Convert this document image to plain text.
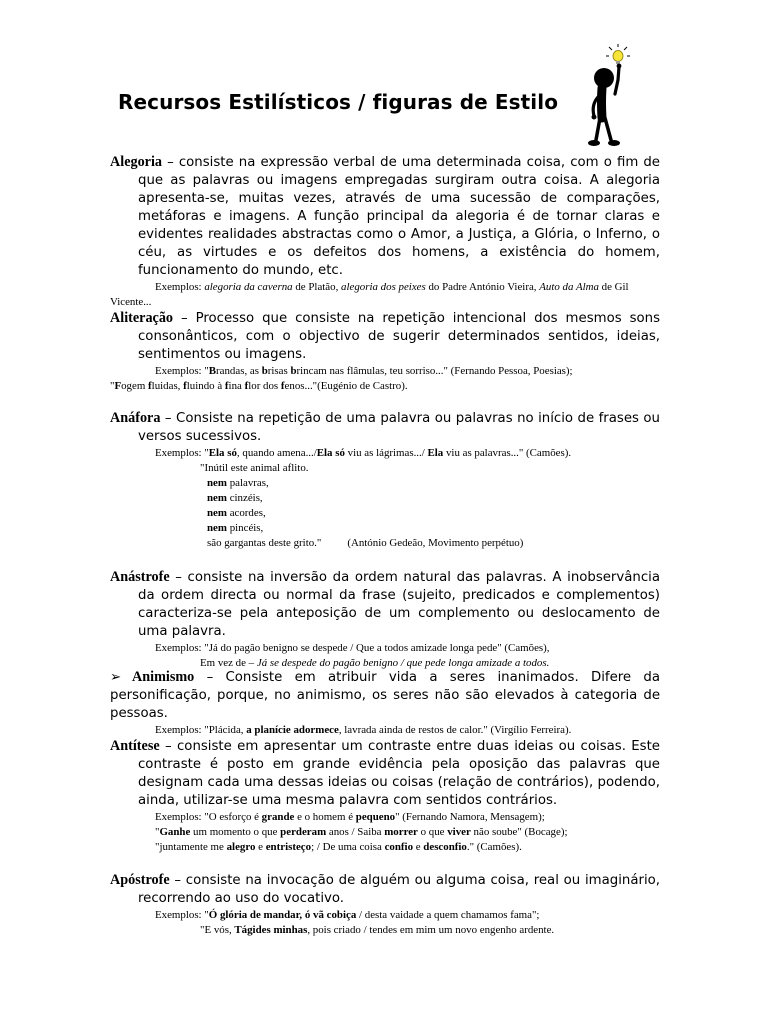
Recursos Estilísticos / figuras de Estilo
Alegoria – consiste na expressão verbal de uma determinada coisa, com o fim de que as palavras ou imagens empregadas surgiram outra coisa. A alegoria apresenta-se, muitas vezes, através de uma sucessão de comparações, metáforas e imagens. A função principal da alegoria é de tornar claras e evidentes realidades abstractas como o Amor, a Justiça, a Glória, o Inferno, o céu, as virtudes e os defeitos dos homens, a existência do homem, funcionamento do mundo, etc.
Exemplos: alegoria da caverna de Platão, alegoria dos peixes do Padre António Vieira, Auto da Alma de Gil Vicente...
Aliteração – Processo que consiste na repetição intencional dos mesmos sons consonânticos, com o objectivo de sugerir determinados sentidos, ideias, sentimentos ou imagens.
Exemplos: "Brandas, as brisas brincam nas flâmulas, teu sorriso..." (Fernando Pessoa, Poesias);
"Fogem fluidas, fluindo à fina flor dos fenos..."(Eugénio de Castro).
Anáfora – Consiste na repetição de uma palavra ou palavras no início de frases ou versos sucessivos.
Exemplos: "Ela só, quando amena.../Ela só viu as lágrimas.../ Ela viu as palavras..." (Camões).
"Inútil este animal aflito.
nem palavras,
nem cinzéis,
nem acordes,
nem pincéis,
são gargantas deste grito." (António Gedeão, Movimento perpétuo)
Anástrofe – consiste na inversão da ordem natural das palavras. A inobservância da ordem directa ou normal da frase (sujeito, predicados e complementos) caracteriza-se pela anteposição de um complemento ou deslocamento de uma palavra.
Exemplos: "Já do pagão benigno se despede / Que a todos amizade longa pede" (Camões),
Em vez de – Já se despede do pagão benigno / que pede longa amizade a todos.
➢ Animismo – Consiste em atribuir vida a seres inanimados. Difere da personificação, porque, no animismo, os seres não são elevados à categoria de pessoas.
Exemplos: "Plácida, a planície adormece, lavrada ainda de restos de calor." (Virgílio Ferreira).
Antítese – consiste em apresentar um contraste entre duas ideias ou coisas. Este contraste é posto em grande evidência pela oposição das palavras que designam cada uma dessas ideias ou coisas (relação de contrários), podendo, ainda, utilizar-se uma mesma palavra com sentidos contrários.
Exemplos: "O esforço é grande e o homem é pequeno" (Fernando Namora, Mensagem);
"Ganhe um momento o que perderam anos / Saiba morrer o que viver não soube" (Bocage);
"juntamente me alegro e entristeço; / De uma coisa confio e desconfio." (Camões).
Apóstrofe – consiste na invocação de alguém ou alguma coisa, real ou imaginário, recorrendo ao uso do vocativo.
Exemplos: "Ó glória de mandar, ó vã cobiça / desta vaidade a quem chamamos fama";
"E vós, Tágides minhas, pois criado / tendes em mim um novo engenho ardente.
